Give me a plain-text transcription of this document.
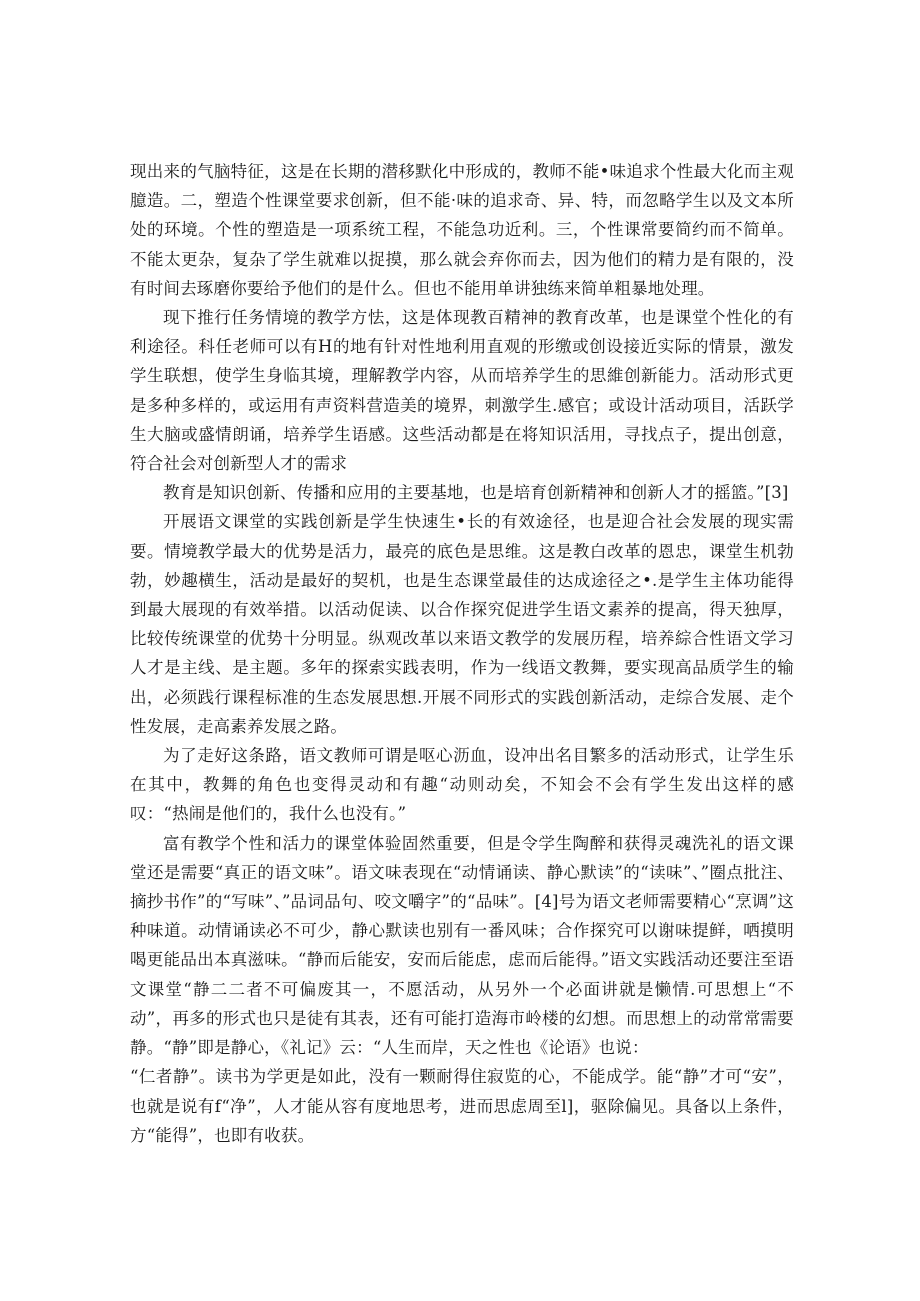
现出来的气脑特征，这是在长期的潜移默化中形成的，教师不能•味追求个性最大化而主观臆造。二，塑造个性课堂要求创新，但不能·味的追求奇、异、特，而忽略学生以及文本所处的环境。个性的塑造是一项系统工程，不能急功近利。三，个性课常要简约而不简单。不能太更杂，复杂了学生就难以捉摸，那么就会弃你而去，因为他们的精力是有限的，没有时间去琢磨你要给予他们的是什么。但也不能用单讲独练来简单粗暴地处理。

现下推行任务情境的教学方怯，这是体现教百精神的教育改革，也是课堂个性化的有利途径。科任老师可以有H的地有针对性地利用直观的形缴或创设接近实际的情景，激发学生联想，使学生身临其境，理解教学内容，从而培养学生的思維创新能力。活动形式更是多种多样的，或运用有声资料营造美的境界，刺激学生.感官；或设计活动项目，活跃学生大脑或盛情朗诵，培养学生语感。这些活动都是在将知识活用，寻找点子，提出创意，符合社会对创新型人才的需求

教育是知识创新、传播和应用的主要基地，也是培育创新精神和创新人才的摇篮。”[3]

开展语文课堂的实践创新是学生快速生•长的有效途径，也是迎合社会发展的现实需要。情境教学最大的优势是活力，最亮的底色是思维。这是教白改革的恩忠，课堂生机勃勃，妙趣横生，活动是最好的契机，也是生态课堂最佳的达成途径之•.是学生主体功能得到最大展现的有效举措。以活动促读、以合作探究促进学生语文素养的提高，得天独厚，比较传统课堂的优势十分明显。纵观改革以来语文教学的发展历程，培养綜合性语文学习人才是主线、是主题。多年的探索实践表明，作为一线语文教舞，要实现高品质学生的输出，必须践行课程标准的生态发展思想.开展不同形式的实践创新活动，走综合发展、走个性发展，走高素养发展之路。

为了走好这条路，语文教师可谓是呕心沥血，设冲出名目繁多的活动形式，让学生乐在其中，教舞的角色也变得灵动和有趣“动则动矣，不知会不会有学生发出这样的感叹：“热闹是他们的，我什么也没有。”

富有教学个性和活力的课堂体验固然重要，但是令学生陶醉和获得灵魂洗礼的语文课堂还是需要“真正的语文味”。语文味表现在“动情诵读、静心默读”的“读味”、”圈点批注、摘抄书作”的“写味”、”品词品句、咬文嚼字”的“品味”。[4]号为语文老师需要精心“烹调”这种味道。动情诵读必不可少，静心默读也别有一番风味；合作探究可以谢味提鲜，哂摸明喝更能品出本真滋味。“静而后能安，安而后能虑，虑而后能得。”语文实践活动还要注至语文课堂“静二二者不可偏废其一，不愿活动，从另外一个必面讲就是懒情.可思想上“不动”，再多的形式也只是徒有其表，还有可能打造海市岭楼的幻想。而思想上的动常常需要静。“静”即是静心，《礼记》云：“人生而岸，天之性也《论语》也说：

“仁者静”。读书为学更是如此，没有一颗耐得住寂览的心，不能成学。能“静”才可“安”，也就是说有f“净”，人才能从容有度地思考，进而思虑周至l]，驱除偏见。具备以上条件，方“能得”，也即有收获。
